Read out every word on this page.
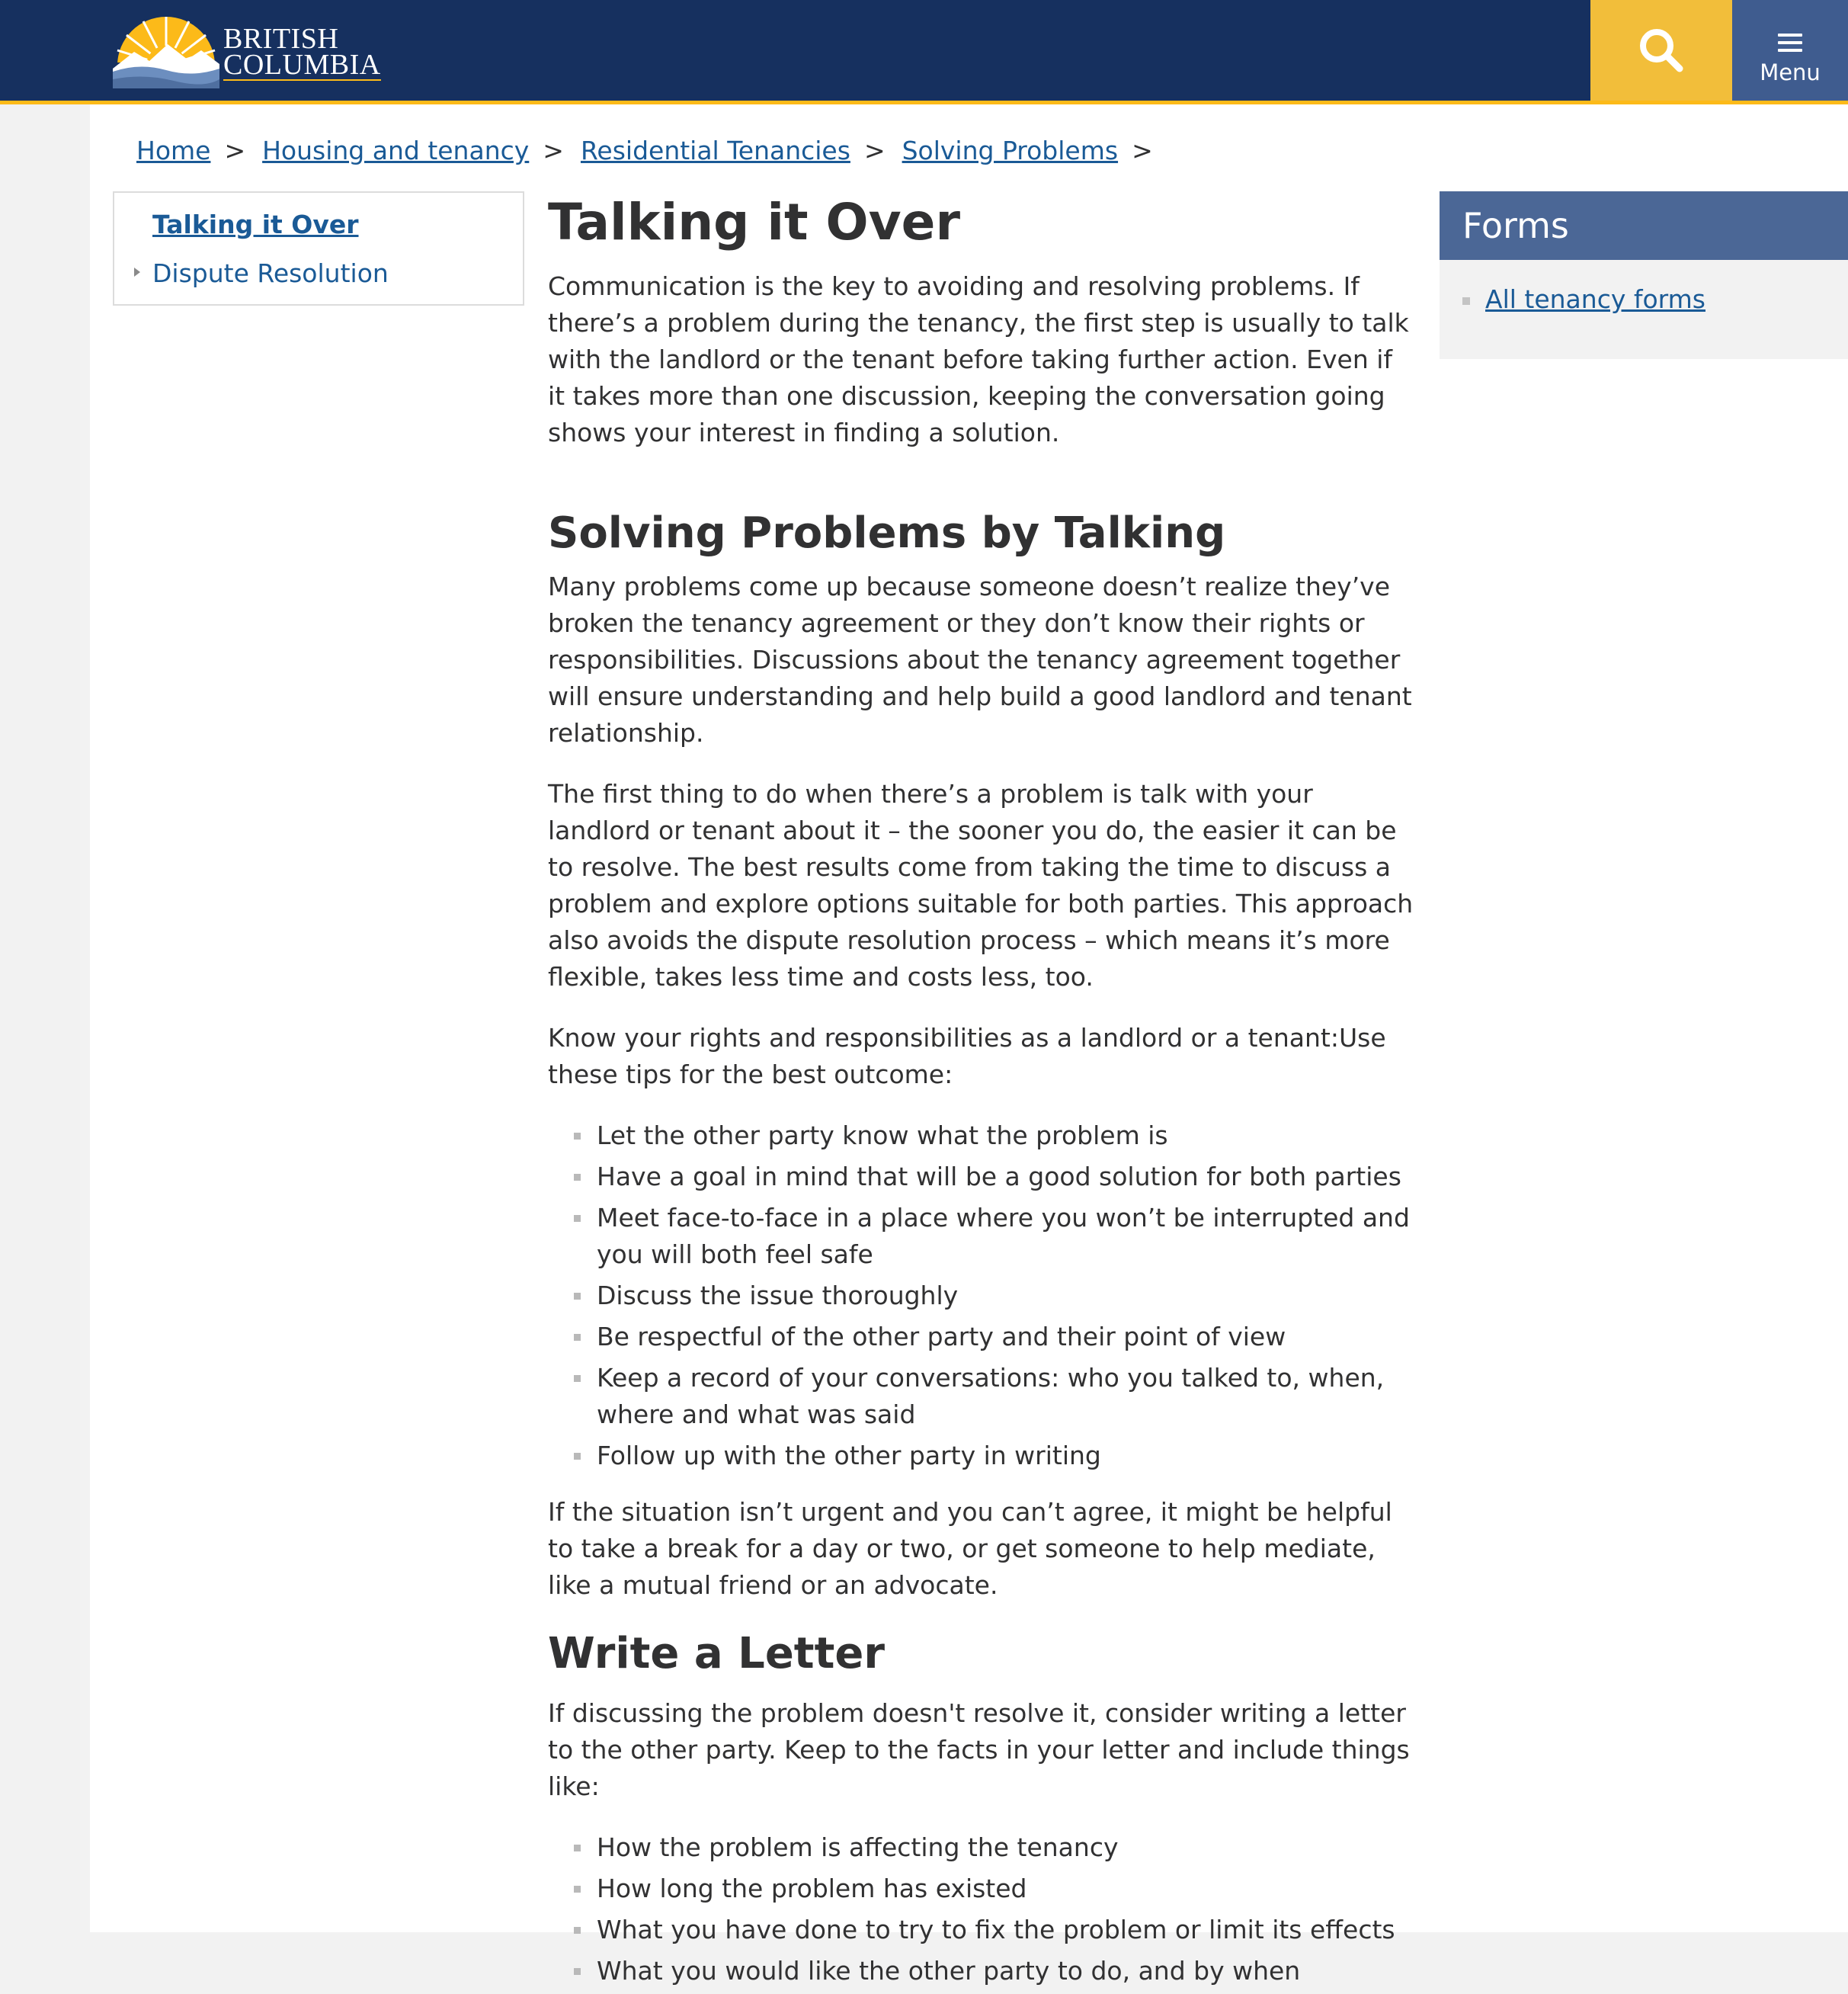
BRITISH

COLUMBIA	Menu
Home > Housing and tenancy > Residential Tenancies > Solving Problems >
Talking it Over
Dispute Resolution
Talking it Over

Communication is the key to avoiding and resolving problems. If there’s a problem during the tenancy, the first step is usually to talk with the landlord or the tenant before taking further action. Even if it takes more than one discussion, keeping the conversation going shows your interest in finding a solution.

Solving Problems by Talking

Many problems come up because someone doesn’t realize they’ve broken the tenancy agreement or they don’t know their rights or responsibilities. Discussions about the tenancy agreement together will ensure understanding and help build a good landlord and tenant relationship.

The first thing to do when there’s a problem is talk with your landlord or tenant about it – the sooner you do, the easier it can be to resolve. The best results come from taking the time to discuss a problem and explore options suitable for both parties. This approach also avoids the dispute resolution process – which means it’s more flexible, takes less time and costs less, too.

Know your rights and responsibilities as a landlord or a tenant:Use these tips for the best outcome:

Let the other party know what the problem is
Have a goal in mind that will be a good solution for both parties
Meet face-to-face in a place where you won’t be interrupted and you will both feel safe
Discuss the issue thoroughly
Be respectful of the other party and their point of view
Keep a record of your conversations: who you talked to, when, where and what was said
Follow up with the other party in writing

If the situation isn’t urgent and you can’t agree, it might be helpful to take a break for a day or two, or get someone to help mediate, like a mutual friend or an advocate.

Write a Letter

If discussing the problem doesn't resolve it, consider writing a letter to the other party. Keep to the facts in your letter and include things like:

How the problem is affecting the tenancy
How long the problem has existed
What you have done to try to fix the problem or limit its effects
What you would like the other party to do, and by when
Forms
All tenancy forms
